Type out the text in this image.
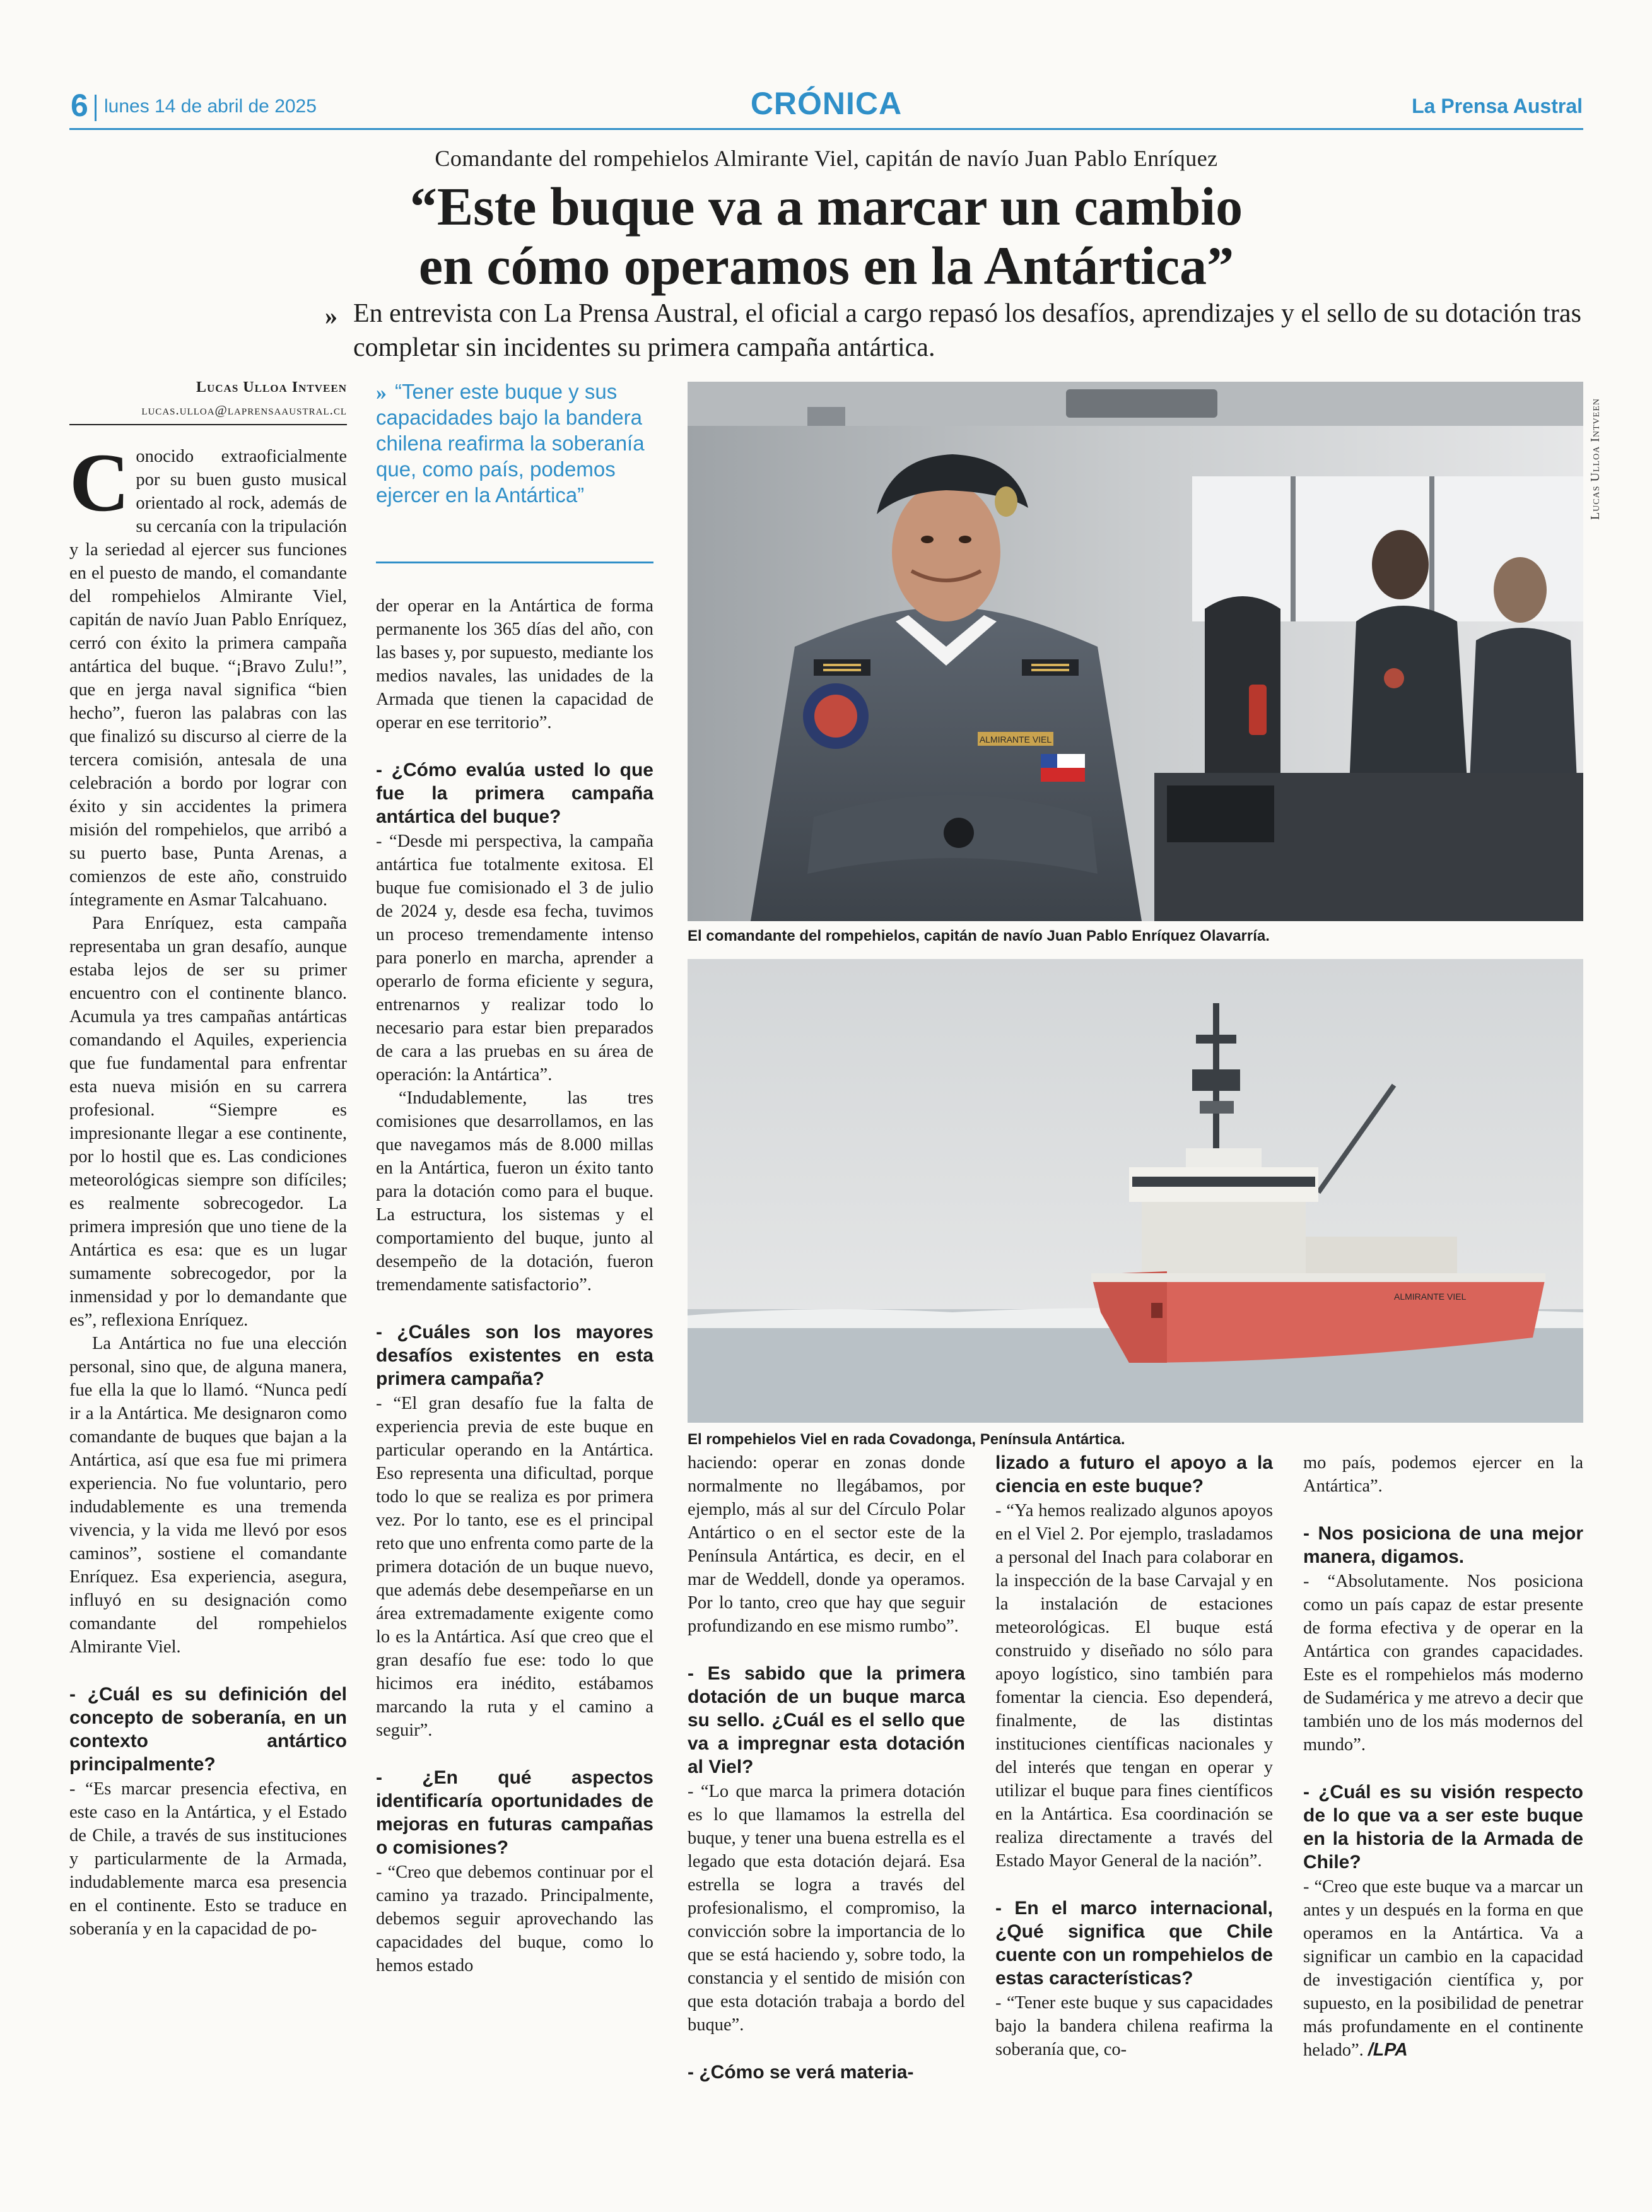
6 lunes 14 de abril de 2025	CRÓNICA	La Prensa Austral
Comandante del rompehielos Almirante Viel, capitán de navío Juan Pablo Enríquez
“Este buque va a marcar un cambio
en cómo operamos en la Antártica”
» En entrevista con La Prensa Austral, el oficial a cargo repasó los desafíos, aprendizajes y el sello de su dotación tras completar sin incidentes su primera campaña antártica.
Lucas Ulloa Intveen
lucas.ulloa@laprensaaustral.cl
» “Tener este buque y sus capacidades bajo la bandera chilena reafirma la soberanía que, como país, podemos ejercer en la Antártica”

Conocido extraoficialmente por su buen gusto musical orientado al rock, además de su cercanía con la tripulación y la seriedad al ejercer sus funciones en el puesto de mando, el comandante del rompehielos Almirante Viel, capitán de navío Juan Pablo Enríquez, cerró con éxito la primera campaña antártica del buque. “¡Bravo Zulu!”, que en jerga naval significa “bien hecho”, fueron las palabras con las que finalizó su discurso al cierre de la tercera comisión, antesala de una celebración a bordo por lograr con éxito y sin accidentes la primera misión del rompehielos, que arribó a su puerto base, Punta Arenas, a comienzos de este año, construido íntegramente en Asmar Talcahuano.

Para Enríquez, esta campaña representaba un gran desafío, aunque estaba lejos de ser su primer encuentro con el continente blanco. Acumula ya tres campañas antárticas comandando el Aquiles, experiencia que fue fundamental para enfrentar esta nueva misión en su carrera profesional. “Siempre es impresionante llegar a ese continente, por lo hostil que es. Las condiciones meteorológicas siempre son difíciles; es realmente sobrecogedor. La primera impresión que uno tiene de la Antártica es esa: que es un lugar sumamente sobrecogedor, por la inmensidad y por lo demandante que es”, reflexiona Enríquez.

La Antártica no fue una elección personal, sino que, de alguna manera, fue ella la que lo llamó. “Nunca pedí ir a la Antártica. Me designaron como comandante de buques que bajan a la Antártica, así que esa fue mi primera experiencia. No fue voluntario, pero indudablemente es una tremenda vivencia, y la vida me llevó por esos caminos”, sostiene el comandante Enríquez. Esa experiencia, asegura, influyó en su designación como comandante del rompehielos Almirante Viel.

- ¿Cuál es su definición del concepto de soberanía, en un contexto antártico principalmente?

- “Es marcar presencia efectiva, en este caso en la Antártica, y el Estado de Chile, a través de sus instituciones y particularmente de la Armada, indudablemente marca esa presencia en el continente. Esto se traduce en soberanía y en la capacidad de po-

der operar en la Antártica de forma permanente los 365 días del año, con las bases y, por supuesto, mediante los medios navales, las unidades de la Armada que tienen la capacidad de operar en ese territorio”.

- ¿Cómo evalúa usted lo que fue la primera campaña antártica del buque?

- “Desde mi perspectiva, la campaña antártica fue totalmente exitosa. El buque fue comisionado el 3 de julio de 2024 y, desde esa fecha, tuvimos un proceso tremendamente intenso para ponerlo en marcha, aprender a operarlo de forma eficiente y segura, entrenarnos y realizar todo lo necesario para estar bien preparados de cara a las pruebas en su área de operación: la Antártica”.

“Indudablemente, las tres comisiones que desarrollamos, en las que navegamos más de 8.000 millas en la Antártica, fueron un éxito tanto para la dotación como para el buque. La estructura, los sistemas y el comportamiento del buque, junto al desempeño de la dotación, fueron tremendamente satisfactorio”.

- ¿Cuáles son los mayores desafíos existentes en esta primera campaña?

- “El gran desafío fue la falta de experiencia previa de este buque en particular operando en la Antártica. Eso representa una dificultad, porque todo lo que se realiza es por primera vez. Por lo tanto, ese es el principal reto que uno enfrenta como parte de la primera dotación de un buque nuevo, que además debe desempeñarse en un área extremadamente exigente como lo es la Antártica. Así que creo que el gran desafío fue ese: todo lo que hicimos era inédito, estábamos marcando la ruta y el camino a seguir”.

- ¿En qué aspectos identificaría oportunidades de mejoras en futuras campañas o comisiones?

- “Creo que debemos continuar por el camino ya trazado. Principalmente, debemos seguir aprovechando las capacidades del buque, como lo hemos estado

ALMIRANTE VIEL
Lucas Ulloa Intveen
El comandante del rompehielos, capitán de navío Juan Pablo Enríquez Olavarría.
ALMIRANTE VIEL
El rompehielos Viel en rada Covadonga, Península Antártica.

haciendo: operar en zonas donde normalmente no llegábamos, por ejemplo, más al sur del Círculo Polar Antártico o en el sector este de la Península Antártica, es decir, en el mar de Weddell, donde ya operamos. Por lo tanto, creo que hay que seguir profundizando en ese mismo rumbo”.

- Es sabido que la primera dotación de un buque marca su sello. ¿Cuál es el sello que va a impregnar esta dotación al Viel?

- “Lo que marca la primera dotación es lo que llamamos la estrella del buque, y tener una buena estrella es el legado que esta dotación dejará. Esa estrella se logra a través del profesionalismo, el compromiso, la convicción sobre la importancia de lo que se está haciendo y, sobre todo, la constancia y el sentido de misión con que esta dotación trabaja a bordo del buque”.

- ¿Cómo se verá materia-
lizado a futuro el apoyo a la ciencia en este buque?

- “Ya hemos realizado algunos apoyos en el Viel 2. Por ejemplo, trasladamos a personal del Inach para colaborar en la inspección de la base Carvajal y en la instalación de estaciones meteorológicas. El buque está construido y diseñado no sólo para apoyo logístico, sino también para fomentar la ciencia. Eso dependerá, finalmente, de las distintas instituciones científicas nacionales y del interés que tengan en operar y utilizar el buque para fines científicos en la Antártica. Esa coordinación se realiza directamente a través del Estado Mayor General de la nación”.

- En el marco internacional, ¿Qué significa que Chile cuente con un rompehielos de estas características?

- “Tener este buque y sus capacidades bajo la bandera chilena reafirma la soberanía que, co-

mo país, podemos ejercer en la Antártica”.

- Nos posiciona de una mejor manera, digamos.

- “Absolutamente. Nos posiciona como un país capaz de estar presente de forma efectiva y de operar en la Antártica con grandes capacidades. Este es el rompehielos más moderno de Sudamérica y me atrevo a decir que también uno de los más modernos del mundo”.

- ¿Cuál es su visión respecto de lo que va a ser este buque en la historia de la Armada de Chile?

- “Creo que este buque va a marcar un antes y un después en la forma en que operamos en la Antártica. Va a significar un cambio en la capacidad de investigación científica y, por supuesto, en la posibilidad de penetrar más profundamente en el continente helado”. /LPA
